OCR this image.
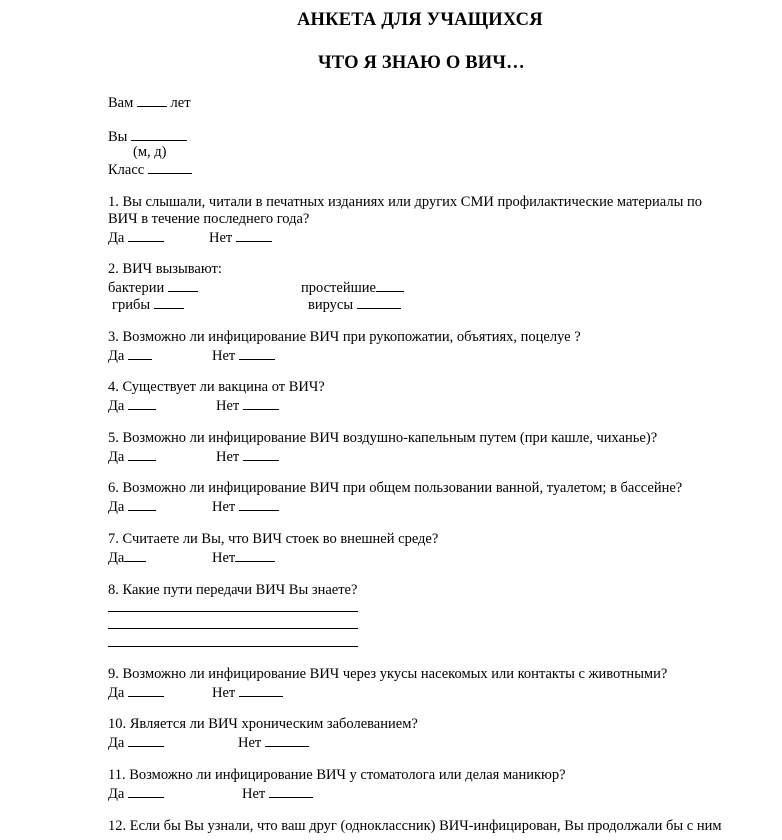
АНКЕТА ДЛЯ УЧАЩИХСЯ
ЧТО Я ЗНАЮ О ВИЧ…
Вам	лет
Вы
(м, д)
Класс
1. Вы слышали, читали в печатных изданиях или других СМИ профилактические материалы по
ВИЧ в течение последнего года?
Да	Нет
2. ВИЧ вызывают:
бактерии	простейшие
грибы	вирусы
3. Возможно ли инфицирование ВИЧ при рукопожатии, объятиях, поцелуе ?
Да	Нет
4. Существует ли вакцина от ВИЧ?
Да	Нет
5. Возможно ли инфицирование ВИЧ воздушно-капельным путем (при кашле, чиханье)?
Да	Нет
6. Возможно ли инфицирование ВИЧ при общем пользовании ванной, туалетом; в бассейне?
Да	Нет
7. Считаете ли Вы, что ВИЧ стоек во внешней среде?
Да	Нет
8. Какие пути передачи ВИЧ Вы знаете?
9. Возможно ли инфицирование ВИЧ через укусы насекомых или контакты с животными?
Да	Нет
10. Является ли ВИЧ хроническим заболеванием?
Да	Нет
11. Возможно ли инфицирование ВИЧ у стоматолога или делая маникюр?
Да	Нет
12. Если бы Вы узнали, что ваш друг (одноклассник) ВИЧ-инфицирован, Вы продолжали бы с ним
